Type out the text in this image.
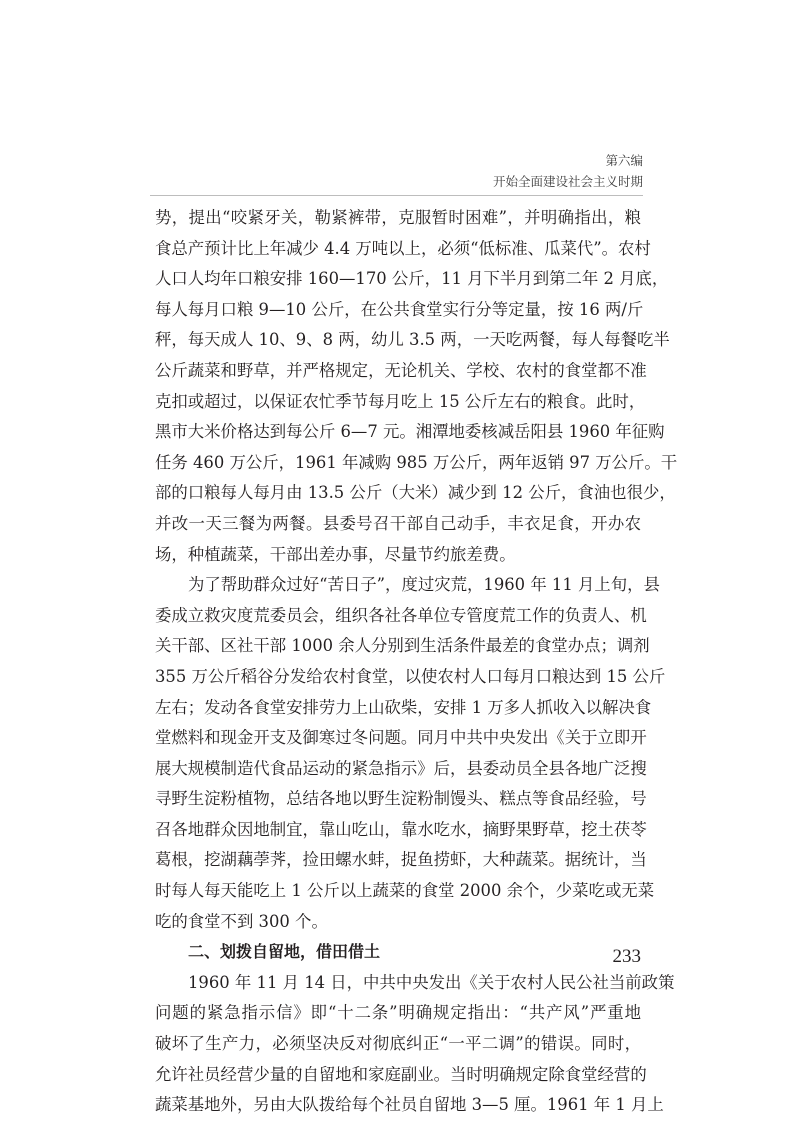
第六编
开始全面建设社会主义时期
势，提出“咬紧牙关，勒紧裤带，克服暂时困难”，并明确指出，粮
食总产预计比上年减少 4.4 万吨以上，必须“低标准、瓜菜代”。农村
人口人均年口粮安排 160—170 公斤，11 月下半月到第二年 2 月底，
每人每月口粮 9—10 公斤，在公共食堂实行分等定量，按 16 两/斤
秤，每天成人 10、9、8 两，幼儿 3.5 两，一天吃两餐，每人每餐吃半
公斤蔬菜和野草，并严格规定，无论机关、学校、农村的食堂都不准
克扣或超过，以保证农忙季节每月吃上 15 公斤左右的粮食。此时，
黑市大米价格达到每公斤 6—7 元。湘潭地委核减岳阳县 1960 年征购
任务 460 万公斤，1961 年减购 985 万公斤，两年返销 97 万公斤。干
部的口粮每人每月由 13.5 公斤（大米）减少到 12 公斤，食油也很少，
并改一天三餐为两餐。县委号召干部自己动手，丰衣足食，开办农
场，种植蔬菜，干部出差办事，尽量节约旅差费。
为了帮助群众过好“苦日子”，度过灾荒，1960 年 11 月上旬，县
委成立救灾度荒委员会，组织各社各单位专管度荒工作的负责人、机
关干部、区社干部 1000 余人分别到生活条件最差的食堂办点；调剂
355 万公斤稻谷分发给农村食堂，以使农村人口每月口粮达到 15 公斤
左右；发动各食堂安排劳力上山砍柴，安排 1 万多人抓收入以解决食
堂燃料和现金开支及御寒过冬问题。同月中共中央发出《关于立即开
展大规模制造代食品运动的紧急指示》后，县委动员全县各地广泛搜
寻野生淀粉植物，总结各地以野生淀粉制馒头、糕点等食品经验，号
召各地群众因地制宜，靠山吃山，靠水吃水，摘野果野草，挖土茯苓
葛根，挖湖藕荸荠，捡田螺水蚌，捉鱼捞虾，大种蔬菜。据统计，当
时每人每天能吃上 1 公斤以上蔬菜的食堂 2000 余个，少菜吃或无菜
吃的食堂不到 300 个。
二、划拨自留地，借田借土
1960 年 11 月 14 日，中共中央发出《关于农村人民公社当前政策
问题的紧急指示信》即“十二条”明确规定指出：“共产风”严重地
破坏了生产力，必须坚决反对彻底纠正“一平二调”的错误。同时，
允许社员经营少量的自留地和家庭副业。当时明确规定除食堂经营的
蔬菜基地外，另由大队拨给每个社员自留地 3—5 厘。1961 年 1 月上
233
